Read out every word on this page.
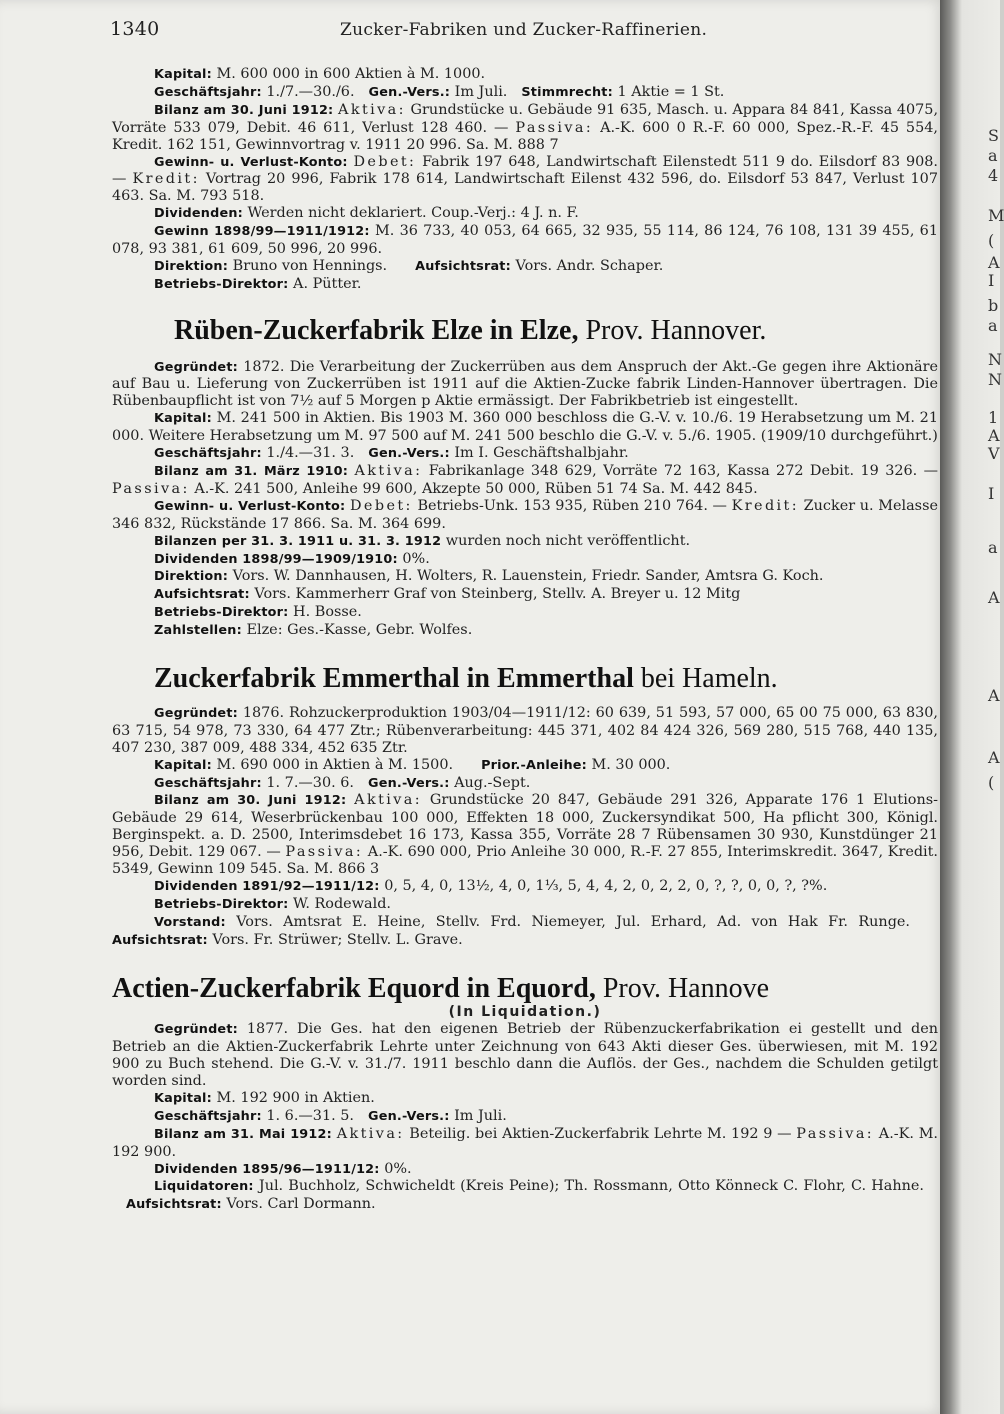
S
a
4
M
(
A
I
b
a
N
N
1
A
V
I
a
A
A
A
(
1340	Zucker-Fabriken und Zucker-Raffinerien.

Kapital: M. 600 000 in 600 Aktien à M. 1000.

Geschäftsjahr: 1./7.—30./6. Gen.-Vers.: Im Juli. Stimmrecht: 1 Aktie = 1 St.

Bilanz am 30. Juni 1912: Aktiva: Grundstücke u. Gebäude 91 635, Masch. u. Appara 84 841, Kassa 4075, Vorräte 533 079, Debit. 46 611, Verlust 128 460. — Passiva: A.-K. 600 0 R.-F. 60 000, Spez.-R.-F. 45 554, Kredit. 162 151, Gewinnvortrag v. 1911 20 996. Sa. M. 888 7

Gewinn- u. Verlust-Konto: Debet: Fabrik 197 648, Landwirtschaft Eilenstedt 511 9 do. Eilsdorf 83 908. — Kredit: Vortrag 20 996, Fabrik 178 614, Landwirtschaft Eilenst 432 596, do. Eilsdorf 53 847, Verlust 107 463. Sa. M. 793 518.

Dividenden: Werden nicht deklariert. Coup.-Verj.: 4 J. n. F.

Gewinn 1898/99—1911/1912: M. 36 733, 40 053, 64 665, 32 935, 55 114, 86 124, 76 108, 131 39 455, 61 078, 93 381, 61 609, 50 996, 20 996.

Direktion: Bruno von Hennings. Aufsichtsrat: Vors. Andr. Schaper.

Betriebs-Direktor: A. Pütter.

Rüben-Zuckerfabrik Elze in Elze, Prov. Hannover.

Gegründet: 1872. Die Verarbeitung der Zuckerrüben aus dem Anspruch der Akt.-Ge gegen ihre Aktionäre auf Bau u. Lieferung von Zuckerrüben ist 1911 auf die Aktien-Zucke fabrik Linden-Hannover übertragen. Die Rübenbaupflicht ist von 7½ auf 5 Morgen p Aktie ermässigt. Der Fabrikbetrieb ist eingestellt.

Kapital: M. 241 500 in Aktien. Bis 1903 M. 360 000 beschloss die G.-V. v. 10./6. 19 Herabsetzung um M. 21 000. Weitere Herabsetzung um M. 97 500 auf M. 241 500 beschlo die G.-V. v. 5./6. 1905. (1909/10 durchgeführt.)

Geschäftsjahr: 1./4.—31. 3. Gen.-Vers.: Im I. Geschäftshalbjahr.

Bilanz am 31. März 1910: Aktiva: Fabrikanlage 348 629, Vorräte 72 163, Kassa 272 Debit. 19 326. — Passiva: A.-K. 241 500, Anleihe 99 600, Akzepte 50 000, Rüben 51 74 Sa. M. 442 845.

Gewinn- u. Verlust-Konto: Debet: Betriebs-Unk. 153 935, Rüben 210 764. — Kredit: Zucker u. Melasse 346 832, Rückstände 17 866. Sa. M. 364 699.

Bilanzen per 31. 3. 1911 u. 31. 3. 1912 wurden noch nicht veröffentlicht.

Dividenden 1898/99—1909/1910: 0%.

Direktion: Vors. W. Dannhausen, H. Wolters, R. Lauenstein, Friedr. Sander, Amtsra G. Koch.

Aufsichtsrat: Vors. Kammerherr Graf von Steinberg, Stellv. A. Breyer u. 12 Mitg

Betriebs-Direktor: H. Bosse.

Zahlstellen: Elze: Ges.-Kasse, Gebr. Wolfes.

Zuckerfabrik Emmerthal in Emmerthal bei Hameln.

Gegründet: 1876. Rohzuckerproduktion 1903/04—1911/12: 60 639, 51 593, 57 000, 65 00 75 000, 63 830, 63 715, 54 978, 73 330, 64 477 Ztr.; Rübenverarbeitung: 445 371, 402 84 424 326, 569 280, 515 768, 440 135, 407 230, 387 009, 488 334, 452 635 Ztr.

Kapital: M. 690 000 in Aktien à M. 1500. Prior.-Anleihe: M. 30 000.

Geschäftsjahr: 1. 7.—30. 6. Gen.-Vers.: Aug.-Sept.

Bilanz am 30. Juni 1912: Aktiva: Grundstücke 20 847, Gebäude 291 326, Apparate 176 1 Elutions-Gebäude 29 614, Weserbrückenbau 100 000, Effekten 18 000, Zuckersyndikat 500, Ha pflicht 300, Königl. Berginspekt. a. D. 2500, Interimsdebet 16 173, Kassa 355, Vorräte 28 7 Rübensamen 30 930, Kunstdünger 21 956, Debit. 129 067. — Passiva: A.-K. 690 000, Prio Anleihe 30 000, R.-F. 27 855, Interimskredit. 3647, Kredit. 5349, Gewinn 109 545. Sa. M. 866 3

Dividenden 1891/92—1911/12: 0, 5, 4, 0, 13½, 4, 0, 1⅓, 5, 4, 4, 2, 0, 2, 2, 0, ?, ?, 0, 0, ?, ?%.

Betriebs-Direktor: W. Rodewald.

Vorstand: Vors. Amtsrat E. Heine, Stellv. Frd. Niemeyer, Jul. Erhard, Ad. von Hak Fr. Runge.Aufsichtsrat: Vors. Fr. Strüwer; Stellv. L. Grave.

Actien-Zuckerfabrik Equord in Equord, Prov. Hannove

(In Liquidation.)

Gegründet: 1877. Die Ges. hat den eigenen Betrieb der Rübenzuckerfabrikation ei gestellt und den Betrieb an die Aktien-Zuckerfabrik Lehrte unter Zeichnung von 643 Akti dieser Ges. überwiesen, mit M. 192 900 zu Buch stehend. Die G.-V. v. 31./7. 1911 beschlo dann die Auflös. der Ges., nachdem die Schulden getilgt worden sind.

Kapital: M. 192 900 in Aktien.

Geschäftsjahr: 1. 6.—31. 5. Gen.-Vers.: Im Juli.

Bilanz am 31. Mai 1912: Aktiva: Beteilig. bei Aktien-Zuckerfabrik Lehrte M. 192 9 — Passiva: A.-K. M. 192 900.

Dividenden 1895/96—1911/12: 0%.

Liquidatoren: Jul. Buchholz, Schwicheldt (Kreis Peine); Th. Rossmann, Otto Könneck C. Flohr, C. Hahne.Aufsichtsrat: Vors. Carl Dormann.
